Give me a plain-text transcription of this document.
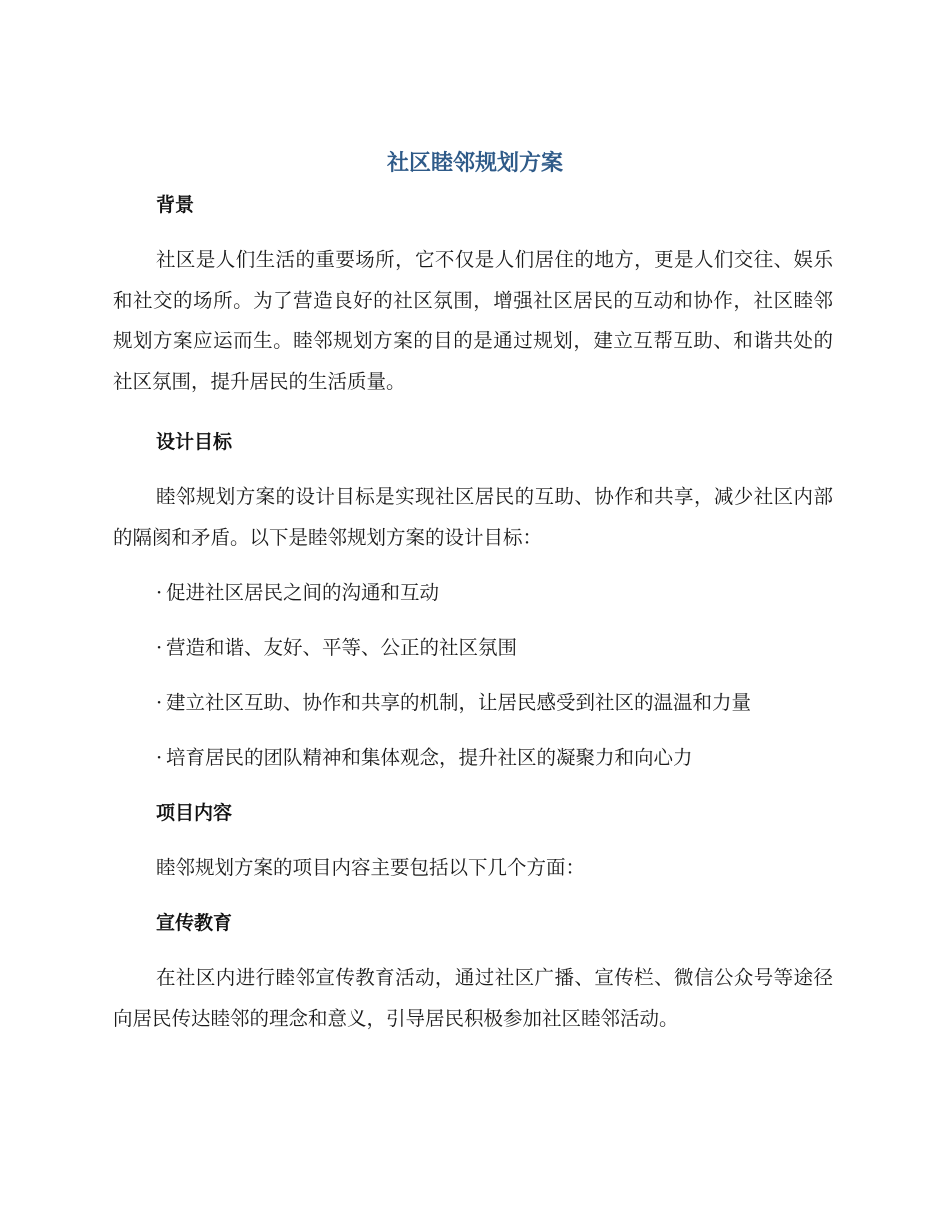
社区睦邻规划方案
背景

社区是人们生活的重要场所，它不仅是人们居住的地方，更是人们交往、娱乐和社交的场所。为了营造良好的社区氛围，增强社区居民的互动和协作，社区睦邻规划方案应运而生。睦邻规划方案的目的是通过规划，建立互帮互助、和谐共处的社区氛围，提升居民的生活质量。

设计目标

睦邻规划方案的设计目标是实现社区居民的互助、协作和共享，减少社区内部的隔阂和矛盾。以下是睦邻规划方案的设计目标：

· 促进社区居民之间的沟通和互动

· 营造和谐、友好、平等、公正的社区氛围

· 建立社区互助、协作和共享的机制，让居民感受到社区的温温和力量

· 培育居民的团队精神和集体观念，提升社区的凝聚力和向心力

项目内容

睦邻规划方案的项目内容主要包括以下几个方面：

宣传教育

在社区内进行睦邻宣传教育活动，通过社区广播、宣传栏、微信公众号等途径向居民传达睦邻的理念和意义，引导居民积极参加社区睦邻活动。
